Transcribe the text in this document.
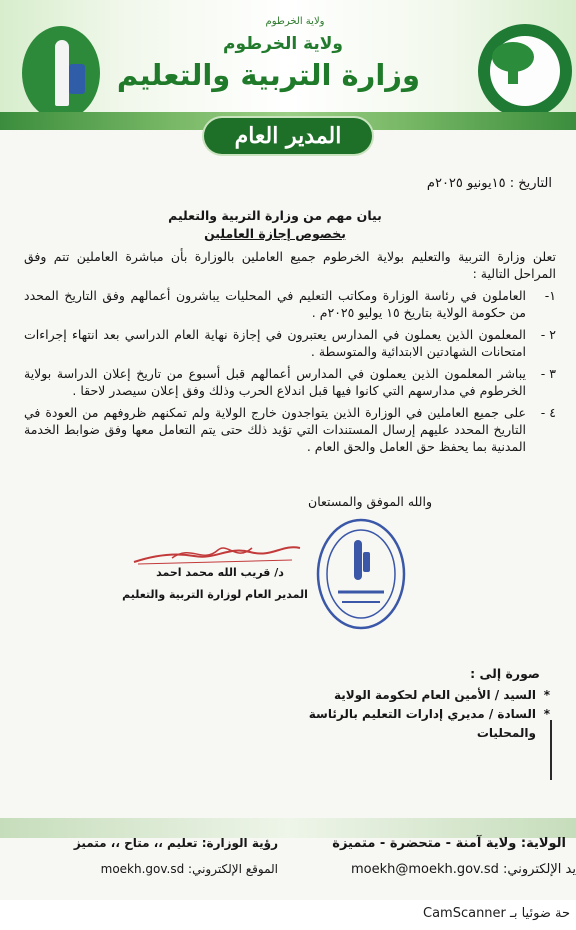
ولاية الخرطوم
ولاية الخرطوم
وزارة التربية والتعليم
المدير العام
التاريخ : ١٥يونيو ٢٠٢٥م
بيان مهم من وزارة التربية والتعليم
بخصوص إجازة العاملين
تعلن وزارة التربية والتعليم بولاية الخرطوم جميع العاملين بالوزارة بأن مباشرة العاملين تتم وفق المراحل التالية :
١-
العاملون في رئاسة الوزارة ومكاتب التعليم في المحليات يباشرون أعمالهم وفق التاريخ المحدد من حكومة الولاية بتاريخ ١٥ يوليو ٢٠٢٥م .
٢ -
المعلمون الذين يعملون في المدارس يعتبرون في إجازة نهاية العام الدراسي بعد انتهاء إجراءات امتحانات الشهادتين الابتدائية والمتوسطة .
٣ -
يباشر المعلمون الذين يعملون في المدارس أعمالهم قبل أسبوع من تاريخ إعلان الدراسة بولاية الخرطوم في مدارسهم التي كانوا فيها قبل اندلاع الحرب وذلك وفق إعلان سيصدر لاحقا .
٤ -
على جميع العاملين في الوزارة الذين يتواجدون خارج الولاية ولم تمكنهم ظروفهم من العودة في التاريخ المحدد عليهم إرسال المستندات التي تؤيد ذلك حتى يتم التعامل معها وفق ضوابط الخدمة المدنية بما يحفظ حق العامل والحق العام .
والله الموفق والمستعان
د/ قريب الله محمد احمد
المدير العام لوزارة التربية والتعليم
صورة إلى :
* السيد / الأمين العام لحكومة الولاية
* السادة / مديري إدارات التعليم بالرئاسة والمحليات
الولاية: ولاية آمنة - متحضرة - متميزة
يد الإلكتروني: moekh@moekh.gov.sd
رؤية الوزارة: تعليم ،، متاح ،، متميز
الموقع الإلكتروني: moekh.gov.sd
حة ضوئيا بـ CamScanner
